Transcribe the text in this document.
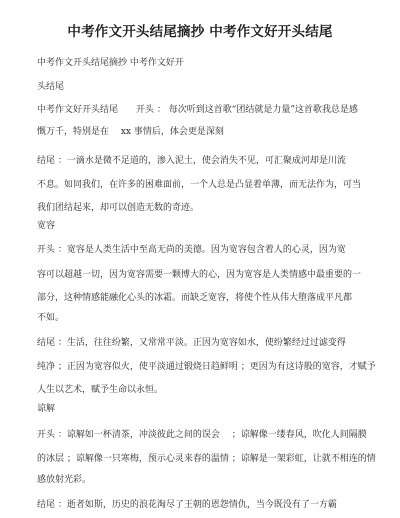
中考作文开头结尾摘抄 中考作文好开头结尾
中考作文开头结尾摘抄 中考作文好开
头结尾
中考作文好开头结尾　　开头 ： 每次听到这首歌“团结就是力量”这首歌我总是感
慨万千，特别是在　 xx 事情后，体会更是深刻
结尾 ：一滴水是微不足道的，渗入泥土，使会消失不见，可汇聚成河却是川流
不息。如同我们，在许多的困难面前，一个人总是凸显着单薄，而无法作为，可当
我们团结起来，却可以创造无数的奇迹。
宽容
开头 ：宽容是人类生活中至高无尚的美德。因为宽容包含着人的心灵，因为宽
容可以超越一切，因为宽容需要一颗博大的心，因为宽容是人类情感中最重要的一
部分，这种情感能融化心头的冰霜。而缺乏宽容，将使个性从伟大堕落成平凡都
不如。
结尾 ：生活，往往纷繁，又常常平淡。正因为宽容如水，使纷繁经过过滤变得
纯净 ；正因为宽容似火，使平淡通过锻烧日趋鲜明 ；更因为有这诗般的宽容，才赋予
人生以艺术，赋予生命以永恒。
谅解
开头 ：谅解如一杯清茶，冲淡彼此之间的误会　 ；谅解像一缕春风，吹化人间隔膜
的冰层 ；谅解像一只寒梅，预示心灵来春的温情 ；谅解是一架彩虹，让就不相连的情
感放射光彩。
结尾 ：逝者如斯，历史的浪花淘尽了王朝的恩怨情仇，当今既没有了一方霸
